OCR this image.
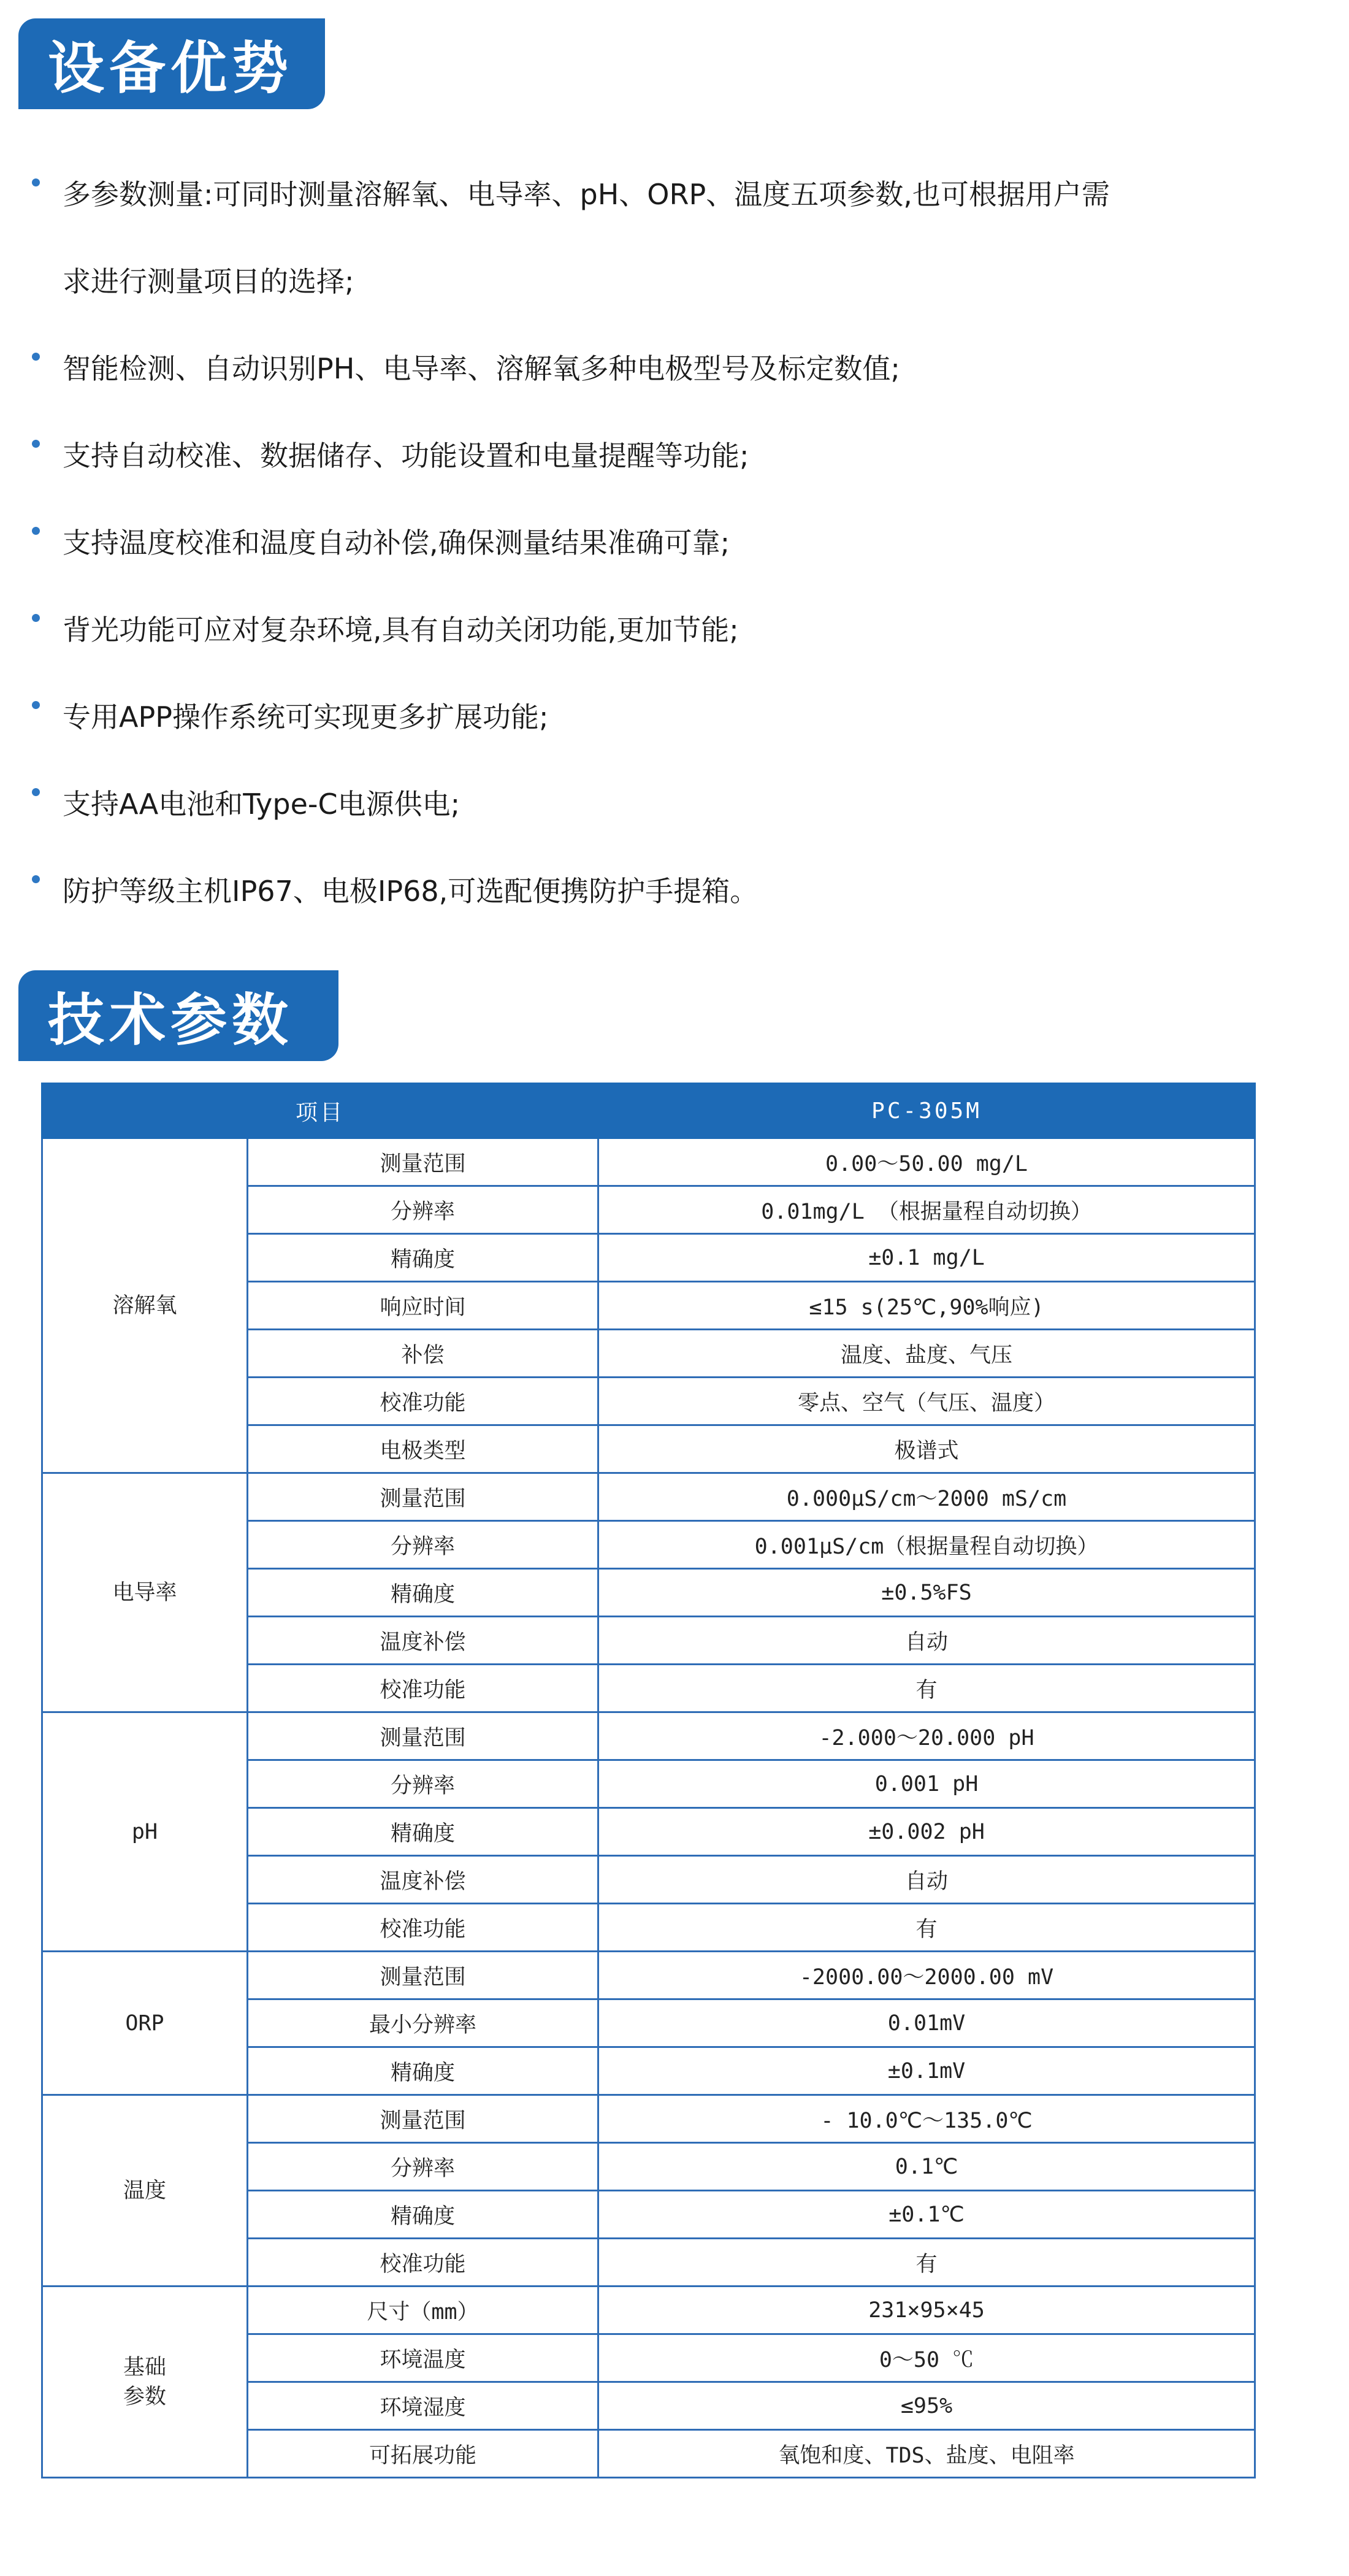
设备优势
多参数测量:可同时测量溶解氧、电导率、pH、ORP、温度五项参数,也可根据用户需
求进行测量项目的选择;
智能检测、自动识别PH、电导率、溶解氧多种电极型号及标定数值;
支持自动校准、数据储存、功能设置和电量提醒等功能;
支持温度校准和温度自动补偿,确保测量结果准确可靠;
背光功能可应对复杂环境,具有自动关闭功能,更加节能;
专用APP操作系统可实现更多扩展功能;
支持AA电池和Type-C电源供电;
防护等级主机IP67、电极IP68,可选配便携防护手提箱。
技术参数
项目		PC-305M
溶解氧	测量范围	0.00～50.00 mg/L
	分辨率	0.01mg/L （根据量程自动切换）
	精确度	±0.1 mg/L
	响应时间	≤15 s(25℃,90%响应)
	补偿	温度、盐度、气压
	校准功能	零点、空气（气压、温度）
	电极类型	极谱式
电导率	测量范围	0.000μS/cm～2000 mS/cm
	分辨率	0.001μS/cm（根据量程自动切换）
	精确度	±0.5%FS
	温度补偿	自动
	校准功能	有
pH	测量范围	-2.000～20.000 pH
	分辨率	0.001 pH
	精确度	±0.002 pH
	温度补偿	自动
	校准功能	有
ORP	测量范围	-2000.00～2000.00 mV
	最小分辨率	0.01mV
	精确度	±0.1mV
温度	测量范围	- 10.0℃～135.0℃
	分辨率	0.1℃
	精确度	±0.1℃
	校准功能	有
基础
参数	尺寸（mm）	231×95×45
	环境温度	0～50 ℃
	环境湿度	≤95%
	可拓展功能	氧饱和度、TDS、盐度、电阻率
